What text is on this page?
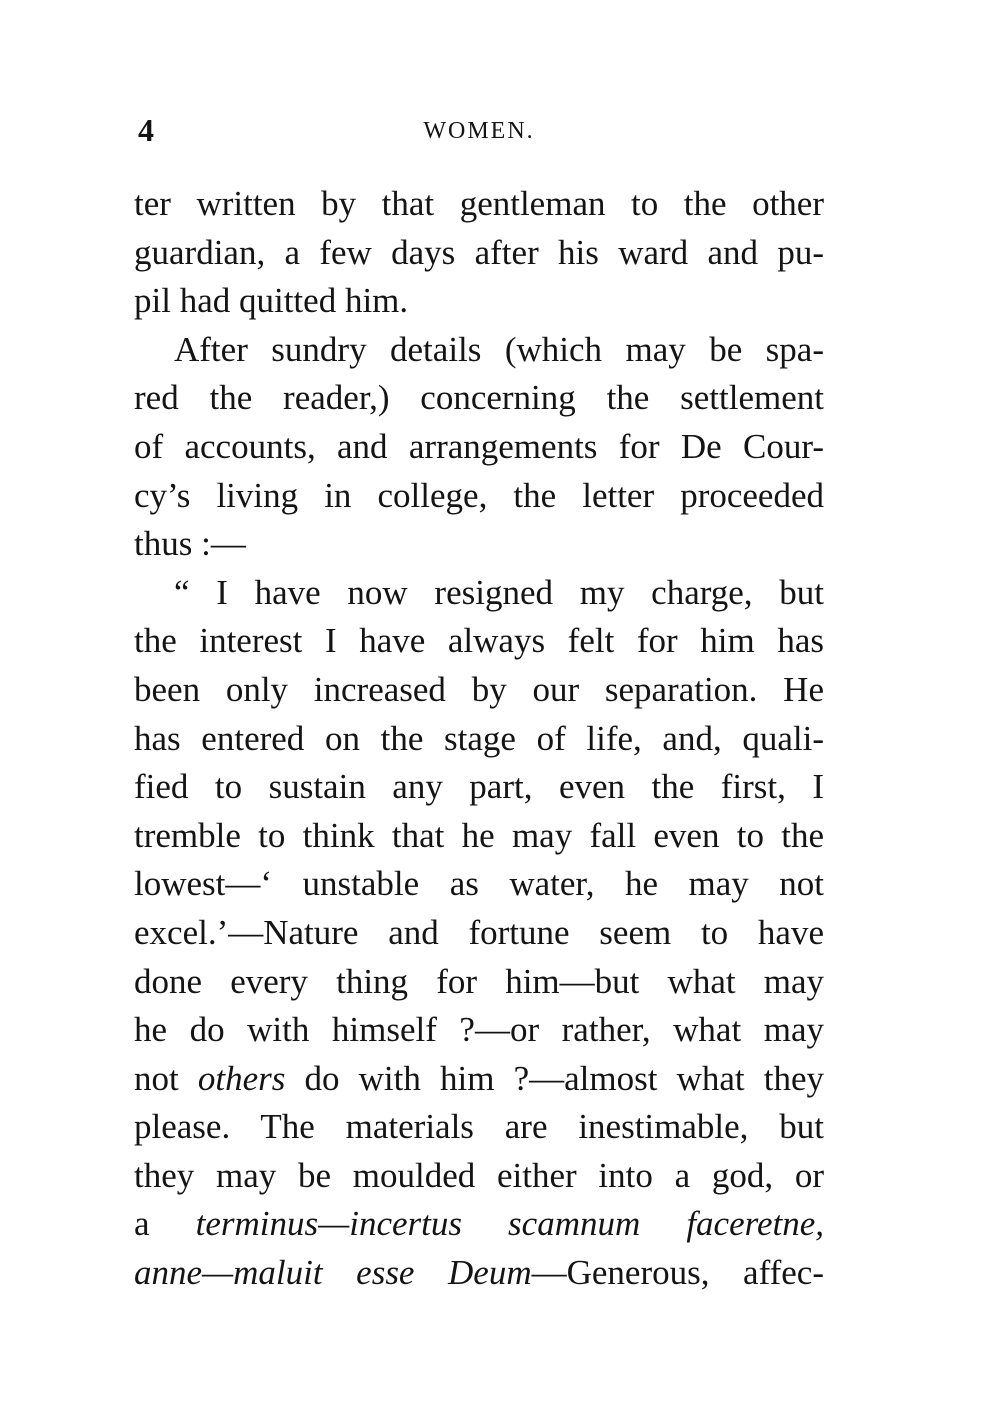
4	WOMEN.
ter written by that gentleman to the other
guardian, a few days after his ward and pu-
pil had quitted him.
After sundry details (which may be spa-
red the reader,) concerning the settlement
of accounts, and arrangements for De Cour-
cy’s living in college, the letter proceeded
thus :—
“ I have now resigned my charge, but
the interest I have always felt for him has
been only increased by our separation. He
has entered on the stage of life, and, quali-
fied to sustain any part, even the first, I
tremble to think that he may fall even to the
lowest—‘ unstable as water, he may not
excel.’—Nature and fortune seem to have
done every thing for him—but what may
he do with himself ?—or rather, what may
not others do with him ?—almost what they
please. The materials are inestimable, but
they may be moulded either into a god, or
a terminus—incertus scamnum faceretne,
anne—maluit esse Deum—Generous, affec-
